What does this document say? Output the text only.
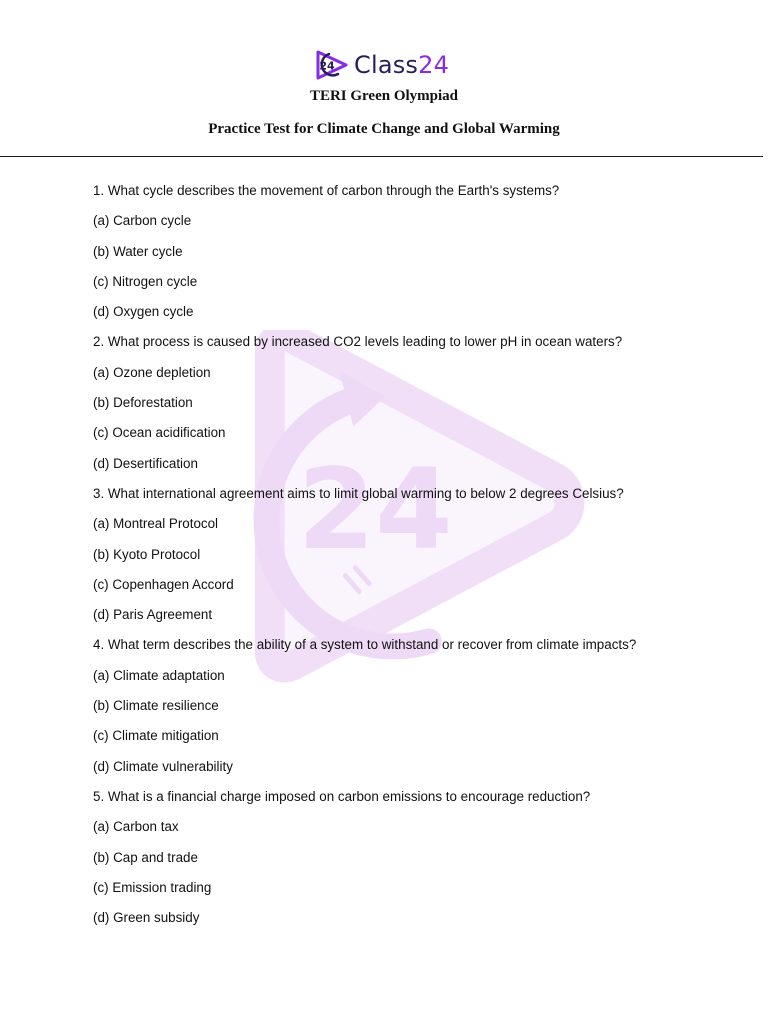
24 Class24
TERI Green Olympiad
Practice Test for Climate Change and Global Warming
24
1. What cycle describes the movement of carbon through the Earth's systems?
(a) Carbon cycle
(b) Water cycle
(c) Nitrogen cycle
(d) Oxygen cycle
2. What process is caused by increased CO2 levels leading to lower pH in ocean waters?
(a) Ozone depletion
(b) Deforestation
(c) Ocean acidification
(d) Desertification
3. What international agreement aims to limit global warming to below 2 degrees Celsius?
(a) Montreal Protocol
(b) Kyoto Protocol
(c) Copenhagen Accord
(d) Paris Agreement
4. What term describes the ability of a system to withstand or recover from climate impacts?
(a) Climate adaptation
(b) Climate resilience
(c) Climate mitigation
(d) Climate vulnerability
5. What is a financial charge imposed on carbon emissions to encourage reduction?
(a) Carbon tax
(b) Cap and trade
(c) Emission trading
(d) Green subsidy
